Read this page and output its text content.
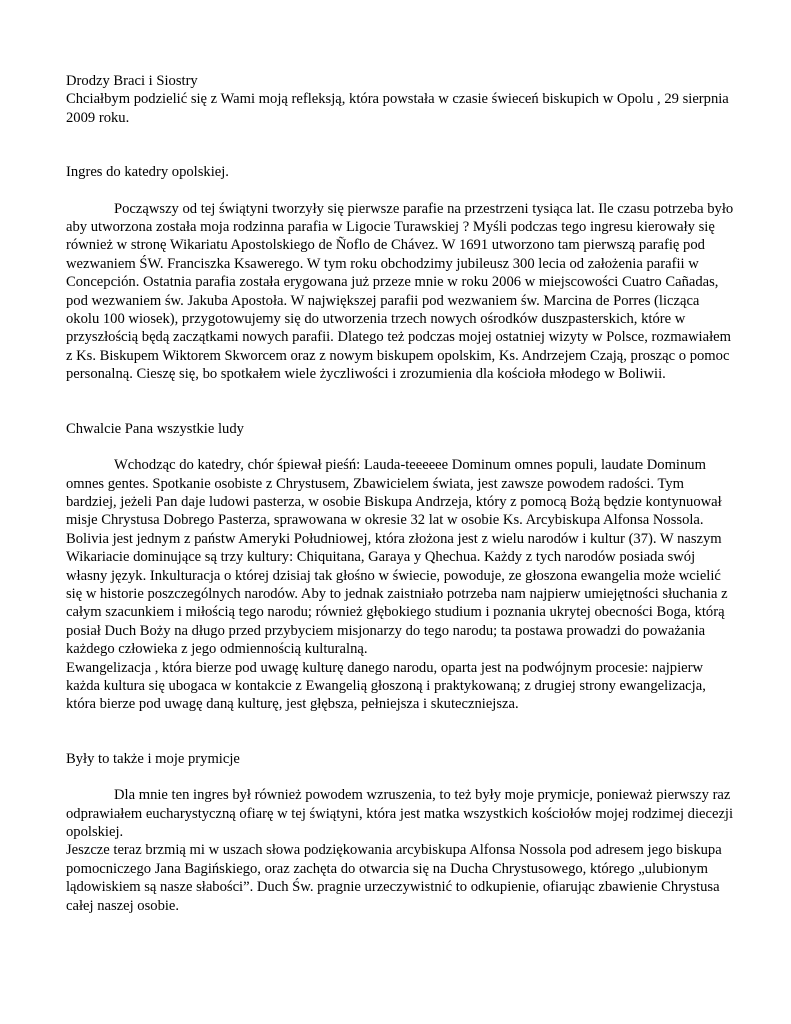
Drodzy Braci i Siostry

Chciałbym podzielić się z Wami moją refleksją, która powstała w czasie świeceń biskupich w Opolu , 29 sierpnia 2009 roku.

Ingres do katedry opolskiej.

Począwszy od tej świątyni tworzyły się pierwsze parafie na przestrzeni tysiąca lat. Ile czasu potrzeba było aby utworzona została moja rodzinna parafia w Ligocie Turawskiej ? Myśli podczas tego ingresu kierowały się również w stronę Wikariatu Apostolskiego de Ñoflo de Chávez. W 1691 utworzono tam pierwszą parafię pod wezwaniem ŚW. Franciszka Ksawerego. W tym roku obchodzimy jubileusz 300 lecia od założenia parafii w Concepción. Ostatnia parafia została erygowana już przeze mnie w roku 2006 w miejscowości Cuatro Cañadas, pod wezwaniem św. Jakuba Apostoła. W największej parafii pod wezwaniem św. Marcina de Porres (licząca okolu 100 wiosek), przygotowujemy się do utworzenia trzech nowych ośrodków duszpasterskich, które w przyszłością będą zaczątkami nowych parafii. Dlatego też podczas mojej ostatniej wizyty w Polsce, rozmawiałem z Ks. Biskupem Wiktorem Skworcem oraz z nowym biskupem opolskim, Ks. Andrzejem Czają, prosząc o pomoc personalną. Cieszę się, bo spotkałem wiele życzliwości i zrozumienia dla kościoła młodego w Boliwii.

Chwalcie Pana wszystkie ludy

Wchodząc do katedry, chór śpiewał pieśń: Lauda-teeeeee Dominum omnes populi, laudate Dominum omnes gentes. Spotkanie osobiste z Chrystusem, Zbawicielem świata, jest zawsze powodem radości. Tym bardziej, jeżeli Pan daje ludowi pasterza, w osobie Biskupa Andrzeja, który z pomocą Bożą będzie kontynuował misje Chrystusa Dobrego Pasterza, sprawowana w okresie 32 lat w osobie Ks. Arcybiskupa Alfonsa Nossola.

Bolivia jest jednym z państw Ameryki Południowej, która złożona jest z wielu narodów i kultur (37). W naszym Wikariacie dominujące są trzy kultury: Chiquitana, Garaya y Qhechua. Każdy z tych narodów posiada swój własny język. Inkulturacja o której dzisiaj tak głośno w świecie, powoduje, ze głoszona ewangelia może wcielić się w historie poszczególnych narodów. Aby to jednak zaistniało potrzeba nam najpierw umiejętności słuchania z całym szacunkiem i miłością tego narodu; również głębokiego studium i poznania ukrytej obecności Boga, którą posiał Duch Boży na długo przed przybyciem misjonarzy do tego narodu; ta postawa prowadzi do poważania każdego człowieka z jego odmiennością kulturalną.

Ewangelizacja , która bierze pod uwagę kulturę danego narodu, oparta jest na podwójnym procesie: najpierw każda kultura się ubogaca w kontakcie z Ewangelią głoszoną i praktykowaną; z drugiej strony ewangelizacja, która bierze pod uwagę daną kulturę, jest głębsza, pełniejsza i skuteczniejsza.

Były to także i moje prymicje

Dla mnie ten ingres był również powodem wzruszenia, to też były moje prymicje, ponieważ pierwszy raz odprawiałem eucharystyczną ofiarę w tej świątyni, która jest matka wszystkich kościołów mojej rodzimej diecezji opolskiej.

Jeszcze teraz brzmią mi w uszach słowa podziękowania arcybiskupa Alfonsa Nossola pod adresem jego biskupa pomocniczego Jana Bagińskiego, oraz zachęta do otwarcia się na Ducha Chrystusowego, którego „ulubionym lądowiskiem są nasze słabości”. Duch Św. pragnie urzeczywistnić to odkupienie, ofiarując zbawienie Chrystusa całej naszej osobie.
